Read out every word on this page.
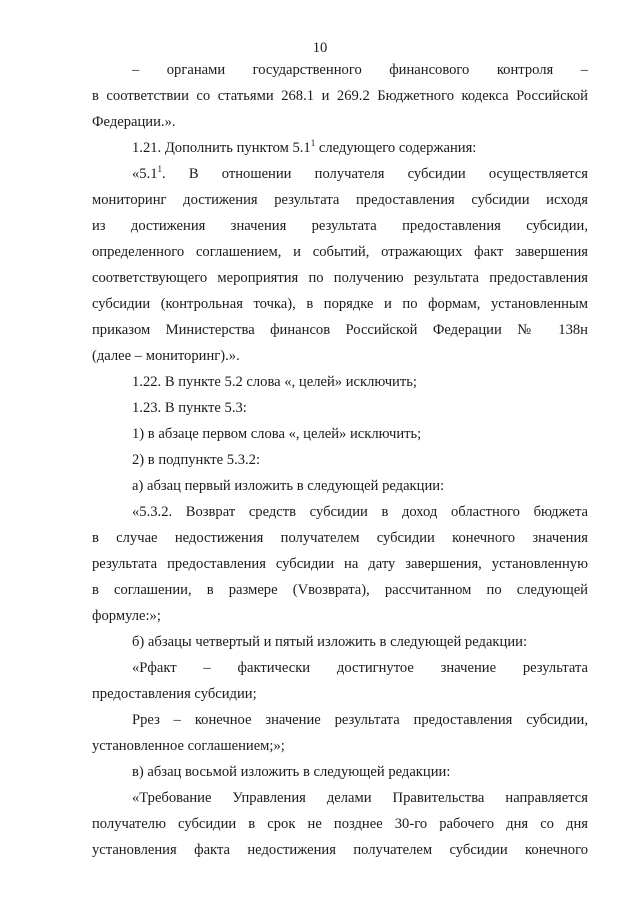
10
– органами государственного финансового контроля –
в соответствии со статьями 268.1 и 269.2 Бюджетного кодекса Российской
Федерации.».
1.21. Дополнить пунктом $5.1^1$ следующего содержания:
«$5.1^1$. В отношении получателя субсидии осуществляется
мониторинг достижения результата предоставления субсидии исходя
из достижения значения результата предоставления субсидии,
определенного соглашением, и событий, отражающих факт завершения
соответствующего мероприятия по получению результата предоставления
субсидии (контрольная точка), в порядке и по формам, установленным
приказом Министерства финансов Российской Федерации № 138н
(далее – мониторинг).».
1.22. В пункте 5.2 слова «, целей» исключить;
1.23. В пункте 5.3:
1) в абзаце первом слова «, целей» исключить;
2) в подпункте 5.3.2:
а) абзац первый изложить в следующей редакции:
«5.3.2. Возврат средств субсидии в доход областного бюджета
в случае недостижения получателем субсидии конечного значения
результата предоставления субсидии на дату завершения, установленную
в соглашении, в размере (Vвозврата), рассчитанном по следующей
формуле:»;
б) абзацы четвертый и пятый изложить в следующей редакции:
«Рфакт – фактически достигнутое значение результата
предоставления субсидии;
Ррез – конечное значение результата предоставления субсидии,
установленное соглашением;»;
в) абзац восьмой изложить в следующей редакции:
«Требование Управления делами Правительства направляется
получателю субсидии в срок не позднее 30-го рабочего дня со дня
установления факта недостижения получателем субсидии конечного
